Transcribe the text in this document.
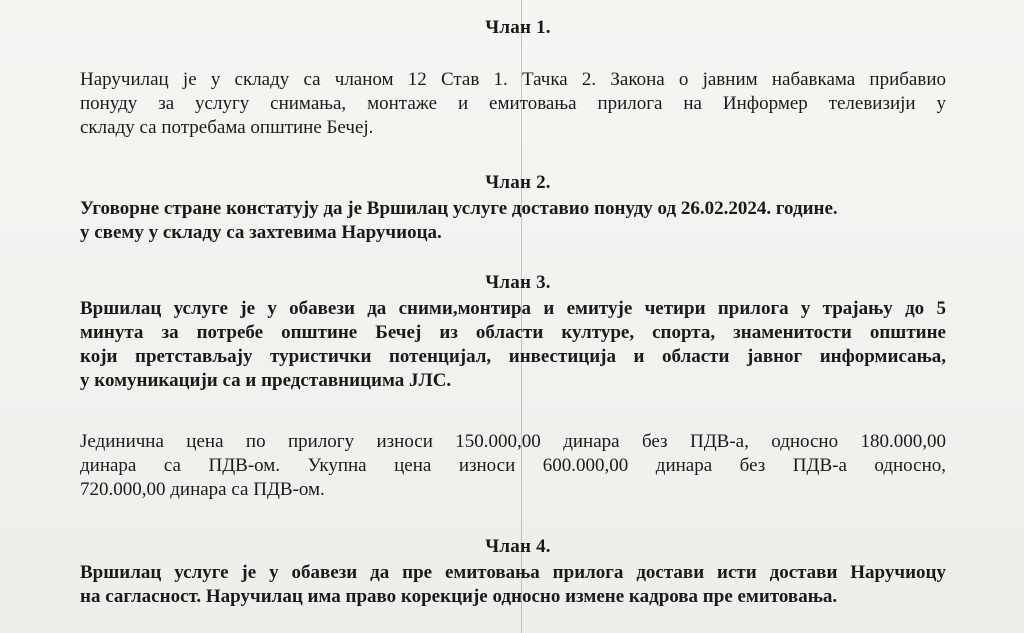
Члан 1.
Наручилац је у складу са чланом 12 Став 1. Тачка 2. Закона о јавним набавкама прибавио
понуду за услугу снимања, монтаже и емитовања прилога на Информер телевизији у
складу са потребама општине Бечеј.
Члан 2.
Уговорне стране констатују да је Вршилац услуге доставио понуду од 26.02.2024. године.
у свему у складу са захтевима Наручиоца.
Члан 3.
Вршилац услуге је у обавези да сними,монтира и емитује четири прилога у трајању до 5
минута за потребе општине Бечеј из области културе, спорта, знаменитости општине
који претстављају туристички потенцијал, инвестиција и области јавног информисања,
у комуникацији са и представницима ЈЛС.
Јединична цена по прилогу износи 150.000,00 динара без ПДВ-а, односно 180.000,00
динара са ПДВ-ом. Укупна цена износи 600.000,00 динара без ПДВ-а односно,
720.000,00 динара са ПДВ-ом.
Члан 4.
Вршилац услуге је у обавези да пре емитовања прилога достави исти достави Наручиоцу
на сагласност. Наручилац има право корекције односно измене кадрова пре емитовања.
